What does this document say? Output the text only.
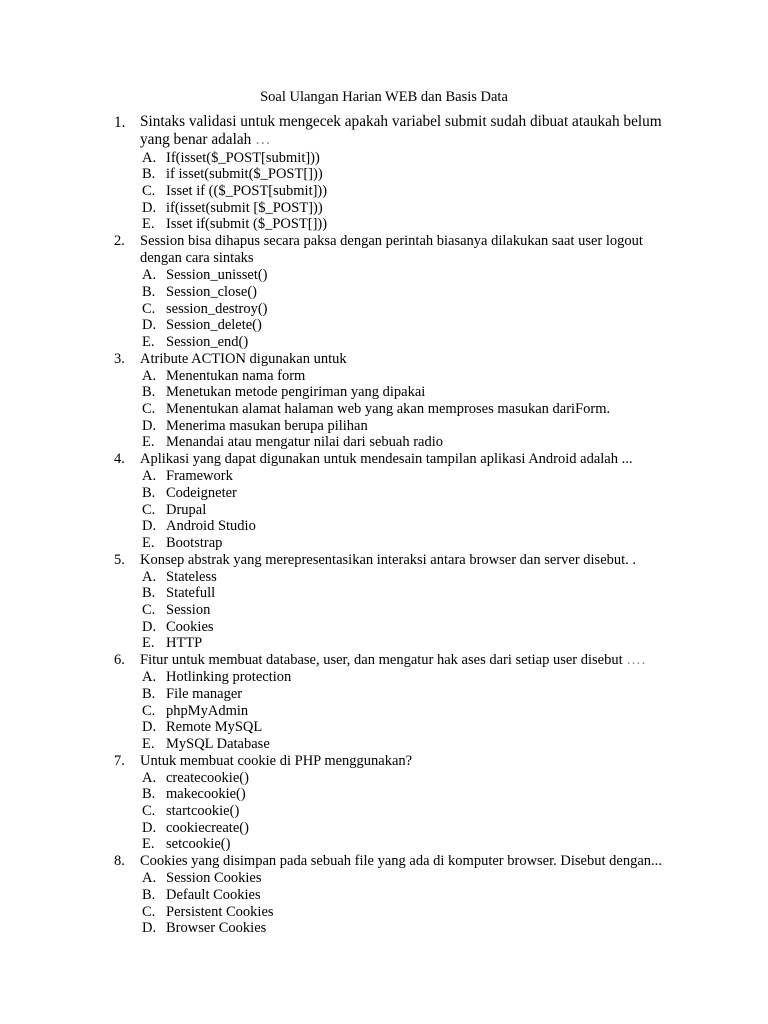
Soal Ulangan Harian WEB dan Basis Data
1. Sintaks validasi untuk mengecek apakah variabel submit sudah dibuat ataukah belum yang benar adalah …
A. If(isset($_POST[submit]))
B. if isset(submit($_POST[]))
C. Isset if (($_POST[submit]))
D. if(isset(submit [$_POST]))
E. Isset if(submit ($_POST[]))
2. Session bisa dihapus secara paksa dengan perintah biasanya dilakukan saat user logout dengan cara sintaks
A. Session_unisset()
B. Session_close()
C. session_destroy()
D. Session_delete()
E. Session_end()
3. Atribute ACTION digunakan untuk
A. Menentukan nama form
B. Menetukan metode pengiriman yang dipakai
C. Menentukan alamat halaman web yang akan memproses masukan dariForm.
D. Menerima masukan berupa pilihan
E. Menandai atau mengatur nilai dari sebuah radio
4. Aplikasi yang dapat digunakan untuk mendesain tampilan aplikasi Android adalah ...
A. Framework
B. Codeigneter
C. Drupal
D. Android Studio
E. Bootstrap
5. Konsep abstrak yang merepresentasikan interaksi antara browser dan server disebut. .
A. Stateless
B. Statefull
C. Session
D. Cookies
E. HTTP
6. Fitur untuk membuat database, user, dan mengatur hak ases dari setiap user disebut ….
A. Hotlinking protection
B. File manager
C. phpMyAdmin
D. Remote MySQL
E. MySQL Database
7. Untuk membuat cookie di PHP menggunakan?
A. createcookie()
B. makecookie()
C. startcookie()
D. cookiecreate()
E. setcookie()
8. Cookies yang disimpan pada sebuah file yang ada di komputer browser. Disebut dengan...
A. Session Cookies
B. Default Cookies
C. Persistent Cookies
D. Browser Cookies
